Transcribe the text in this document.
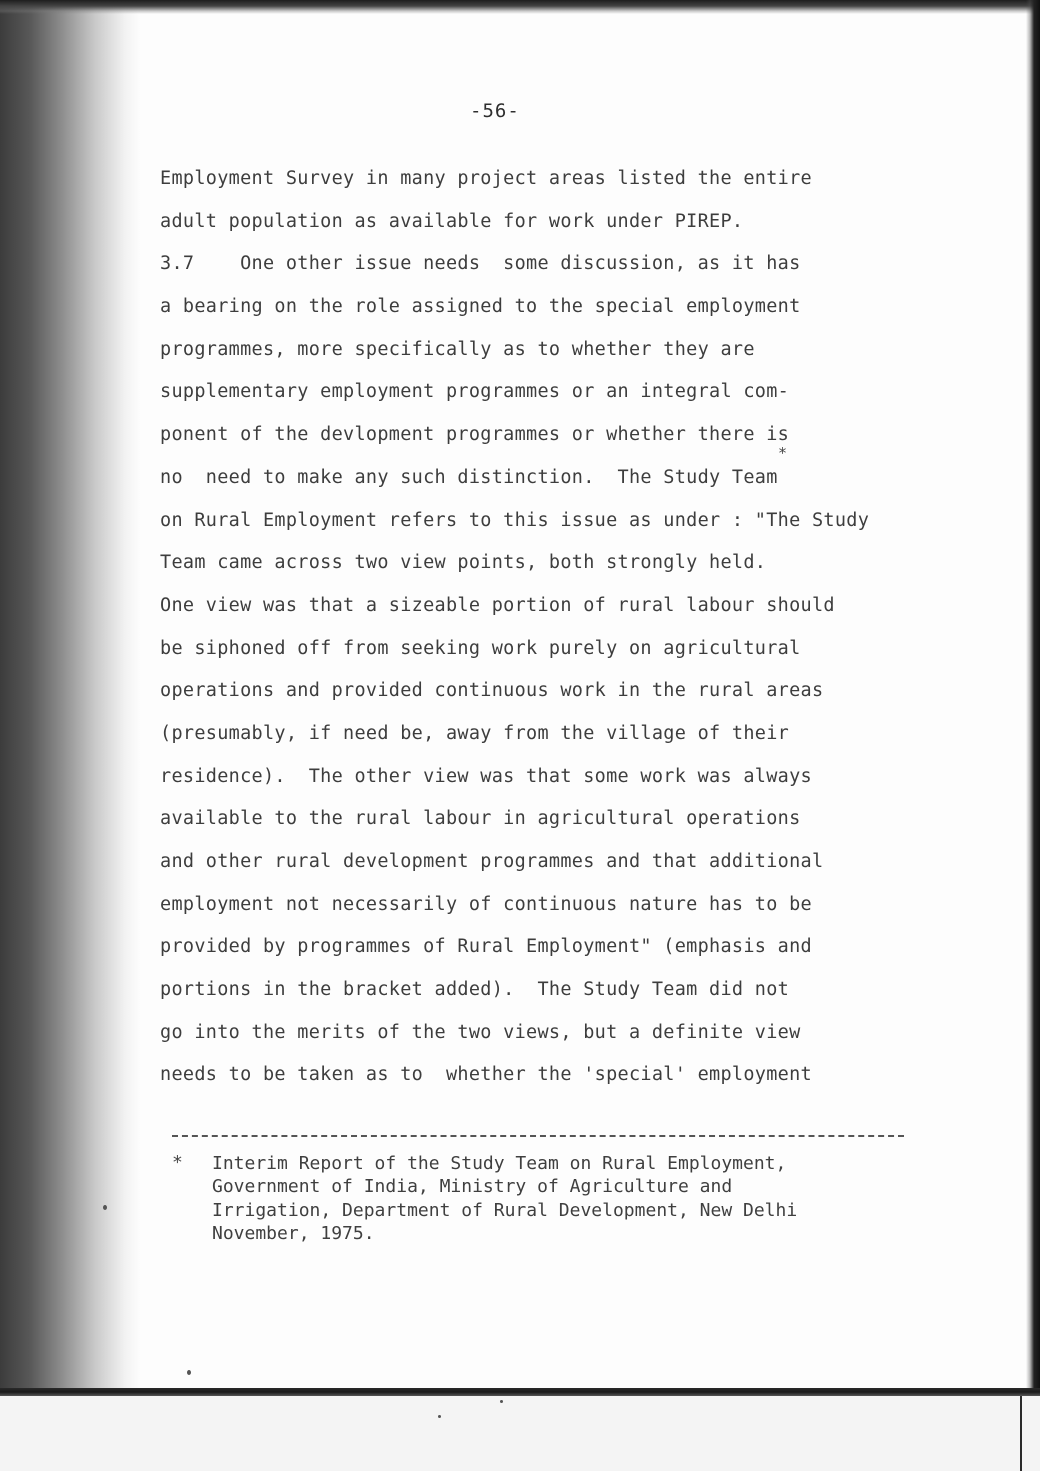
-56-
Employment Survey in many project areas listed the entire
adult population as available for work under PIREP.
3.7    One other issue needs  some discussion, as it has
a bearing on the role assigned to the special employment
programmes, more specifically as to whether they are
supplementary employment programmes or an integral com-
ponent of the devlopment programmes or whether there is
no  need to make any such distinction.  The Study Team
on Rural Employment refers to this issue as under : "The Study
Team came across two view points, both strongly held.
One view was that a sizeable portion of rural labour should
be siphoned off from seeking work purely on agricultural
operations and provided continuous work in the rural areas
(presumably, if need be, away from the village of their
residence).  The other view was that some work was always
available to the rural labour in agricultural operations
and other rural development programmes and that additional
employment not necessarily of continuous nature has to be
provided by programmes of Rural Employment" (emphasis and
portions in the bracket added).  The Study Team did not
go into the merits of the two views, but a definite view
needs to be taken as to  whether the 'special' employment
*
* Interim Report of the Study Team on Rural Employment,
Government of India, Ministry of Agriculture and
Irrigation, Department of Rural Development, New Delhi
November, 1975.
